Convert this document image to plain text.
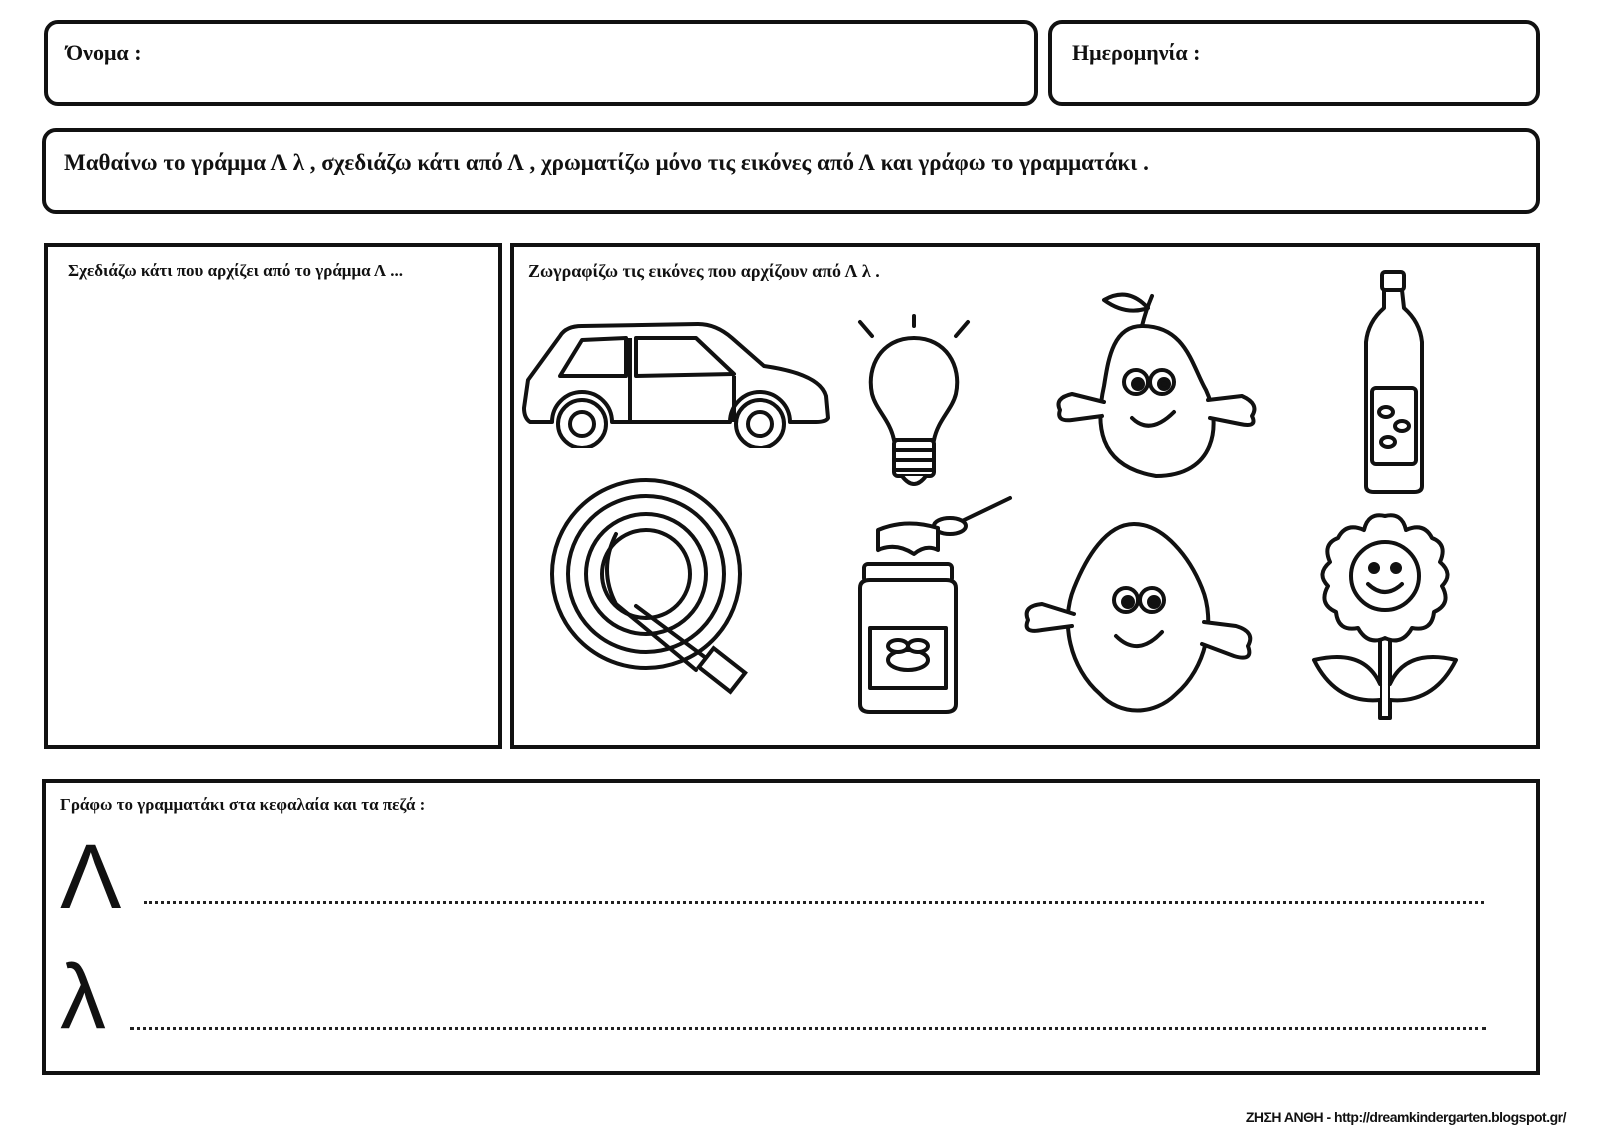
Όνομα :	Ημερομηνία :
Μαθαίνω το γράμμα Λ λ , σχεδιάζω κάτι από Λ , χρωματίζω μόνο τις εικόνες από Λ και γράφω το γραμματάκι .
Σχεδιάζω κάτι που αρχίζει από το γράμμα Λ ...	Ζωγραφίζω τις εικόνες που αρχίζουν από Λ λ .
Γράφω το γραμματάκι στα κεφαλαία και τα πεζά :
Λ
λ
ΖΗΣΗ ΑΝΘΗ - http://dreamkindergarten.blogspot.gr/
